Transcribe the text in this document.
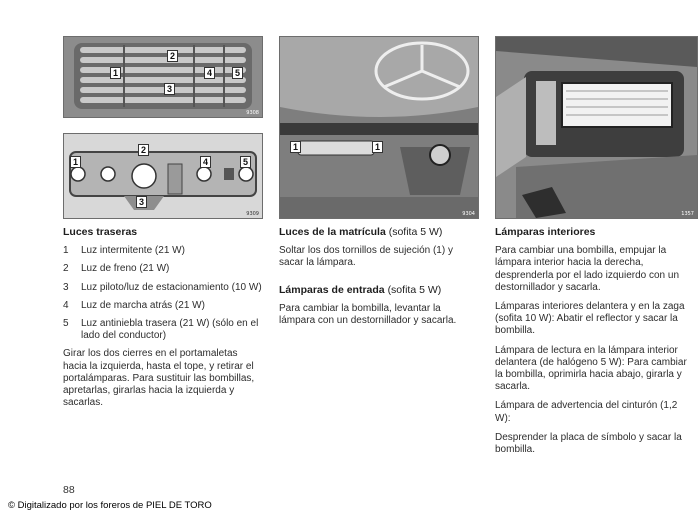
1
2
3
4	5
9308
1
2
3
4	5
9309
1	1
9304	1357
Luces traseras
1	Luz intermitente (21 W)
2	Luz de freno (21 W)
3	Luz piloto/luz de estacionamiento (10 W)
4	Luz de marcha atrás (21 W)
5	Luz antiniebla trasera (21 W) (sólo en el lado del conductor)

Girar los dos cierres en el portamaletas hacia la izquierda, hasta el tope, y retirar el portalámparas. Para sustituir las bombillas, apretarlas, girarlas hacia la izquierda y sacarlas.

Luces de la matrícula (sofita 5 W)

Soltar los dos tornillos de sujeción (1) y sacar la lámpara.

Lámparas de entrada (sofita 5 W)

Para cambiar la bombilla, levantar la lámpara con un destornillador y sacarla.

Lámparas interiores

Para cambiar una bombilla, empujar la lámpara interior hacia la derecha, desprenderla por el lado izquierdo con un destornillador y sacarla.

Lámparas interiores delantera y en la zaga (sofita 10 W): Abatir el reflector y sacar la bombilla.

Lámpara de lectura en la lámpara interior delantera (de halógeno 5 W): Para cambiar la bombilla, oprimirla hacia abajo, girarla y sacarla.

Lámpara de advertencia del cinturón (1,2 W):

Desprender la placa de símbolo y sacar la bombilla.

88
© Digitalizado por los foreros de PIEL DE TORO
